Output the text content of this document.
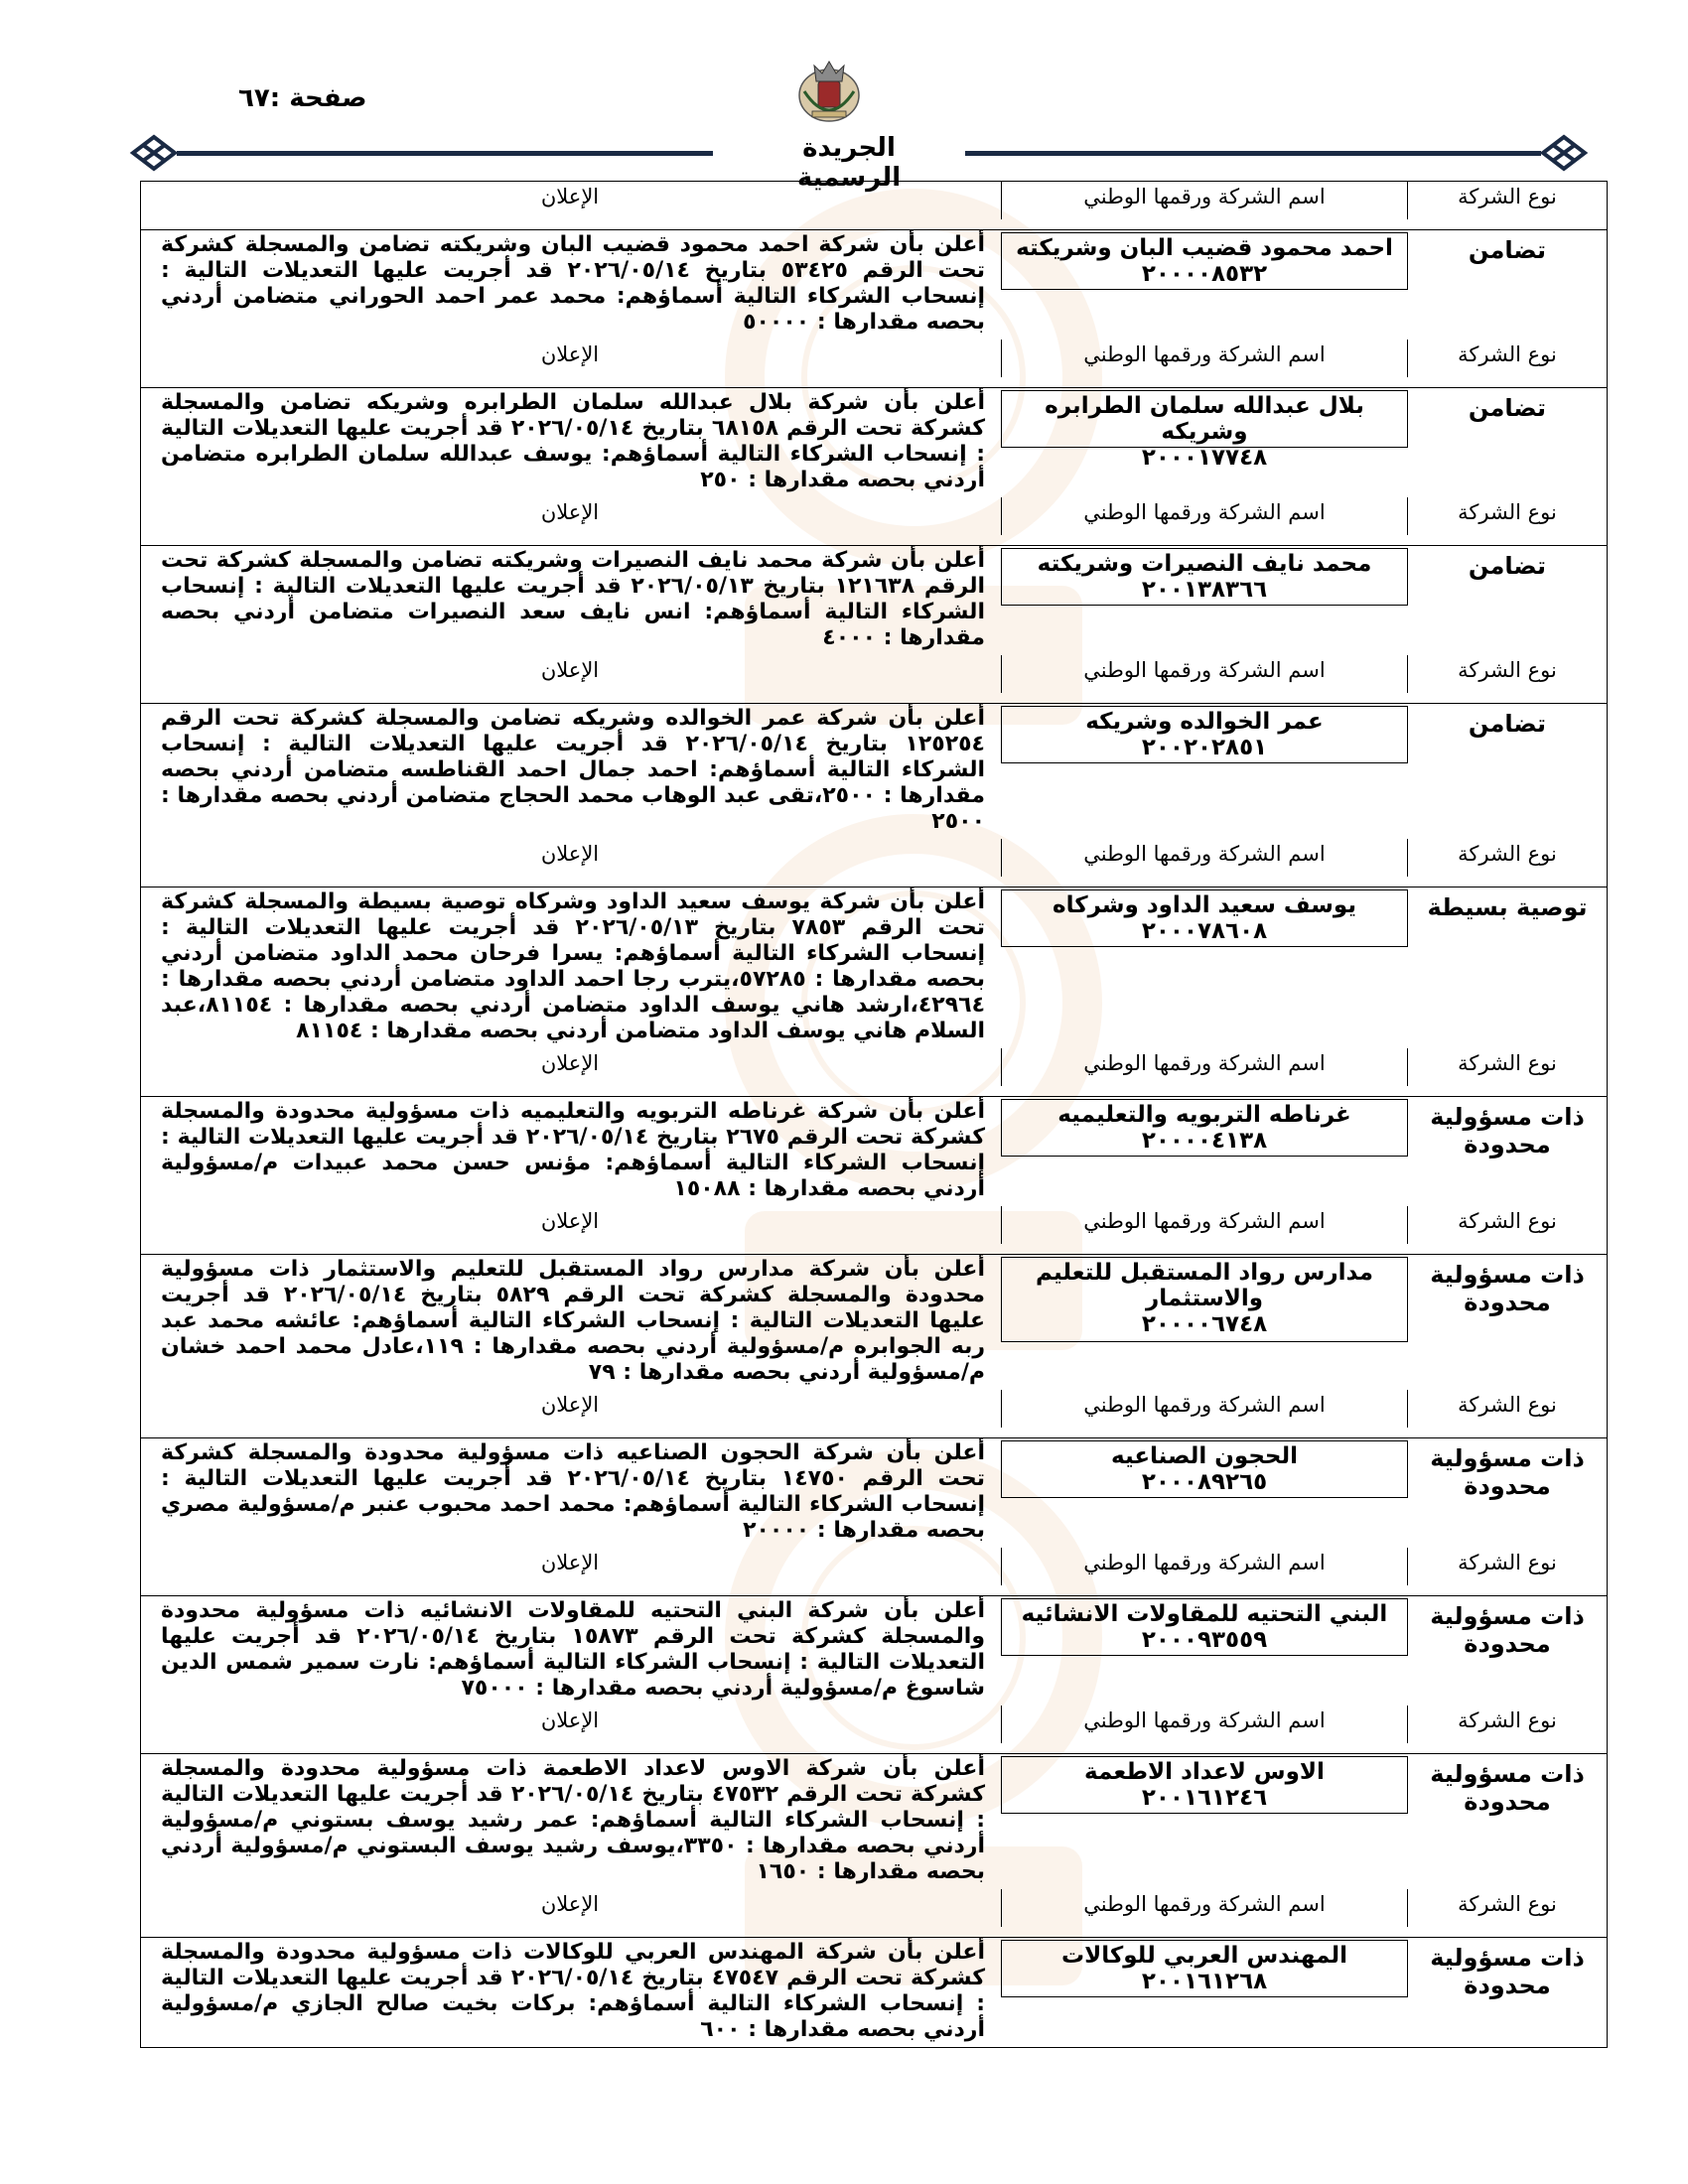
صفحة :٦٧
الجريدة الرسمية
نوع الشركة
اسم الشركة ورقمها الوطني
الإعلان
تضامن
احمد محمود قضيب البان وشريكته
٢٠٠٠٠٨٥٣٢
أعلن بأن شركة احمد محمود قضيب البان وشريكته تضامن والمسجلة كشركة تحت الرقم ٥٣٤٢٥ بتاريخ ٢٠٢٦/٠٥/١٤ قد أجريت عليها التعديلات التالية : إنسحاب الشركاء التالية أسماؤهم: محمد عمر احمد الحوراني متضامن أردني بحصه مقدارها : ٥٠٠٠٠
نوع الشركة
اسم الشركة ورقمها الوطني
الإعلان
تضامن
بلال عبدالله سلمان الطرابره وشريكه
٢٠٠٠١٧٧٤٨
أعلن بأن شركة بلال عبدالله سلمان الطرابره وشريكه تضامن والمسجلة كشركة تحت الرقم ٦٨١٥٨ بتاريخ ٢٠٢٦/٠٥/١٤ قد أجريت عليها التعديلات التالية : إنسحاب الشركاء التالية أسماؤهم: يوسف عبدالله سلمان الطرابره متضامن أردني بحصه مقدارها : ٢٥٠
نوع الشركة
اسم الشركة ورقمها الوطني
الإعلان
تضامن
محمد نايف النصيرات وشريكته
٢٠٠١٣٨٣٦٦
أعلن بأن شركة محمد نايف النصيرات وشريكته تضامن والمسجلة كشركة تحت الرقم ١٢١٦٣٨ بتاريخ ٢٠٢٦/٠٥/١٣ قد أجريت عليها التعديلات التالية : إنسحاب الشركاء التالية أسماؤهم: انس نايف سعد النصيرات متضامن أردني بحصه مقدارها : ٤٠٠٠
نوع الشركة
اسم الشركة ورقمها الوطني
الإعلان
تضامن
عمر الخوالده وشريكه
٢٠٠٢٠٢٨٥١
أعلن بأن شركة عمر الخوالده وشريكه تضامن والمسجلة كشركة تحت الرقم ١٢٥٢٥٤ بتاريخ ٢٠٢٦/٠٥/١٤ قد أجريت عليها التعديلات التالية : إنسحاب الشركاء التالية أسماؤهم: احمد جمال احمد القناطسه متضامن أردني بحصه مقدارها : ٢٥٠٠،تقى عبد الوهاب محمد الحجاج متضامن أردني بحصه مقدارها : ٢٥٠٠
نوع الشركة
اسم الشركة ورقمها الوطني
الإعلان
توصية بسيطة
يوسف سعيد الداود وشركاه
٢٠٠٠٧٨٦٠٨
أعلن بأن شركة يوسف سعيد الداود وشركاه توصية بسيطة والمسجلة كشركة تحت الرقم ٧٨٥٣ بتاريخ ٢٠٢٦/٠٥/١٣ قد أجريت عليها التعديلات التالية : إنسحاب الشركاء التالية أسماؤهم: يسرا فرحان محمد الداود متضامن أردني بحصه مقدارها : ٥٧٢٨٥،يترب رجا احمد الداود متضامن أردني بحصه مقدارها : ٤٢٩٦٤،ارشد هاني يوسف الداود متضامن أردني بحصه مقدارها : ٨١١٥٤،عبد السلام هاني يوسف الداود متضامن أردني بحصه مقدارها : ٨١١٥٤
نوع الشركة
اسم الشركة ورقمها الوطني
الإعلان
ذات مسؤولية
محدودة
غرناطه التربويه والتعليميه
٢٠٠٠٠٤١٣٨
أعلن بأن شركة غرناطه التربويه والتعليميه ذات مسؤولية محدودة والمسجلة كشركة تحت الرقم ٢٦٧٥ بتاريخ ٢٠٢٦/٠٥/١٤ قد أجريت عليها التعديلات التالية : إنسحاب الشركاء التالية أسماؤهم: مؤنس حسن محمد عبيدات م/مسؤولية أردني بحصه مقدارها : ١٥٠٨٨
نوع الشركة
اسم الشركة ورقمها الوطني
الإعلان
ذات مسؤولية
محدودة
مدارس رواد المستقبل للتعليم
والاستثمار
٢٠٠٠٠٦٧٤٨
أعلن بأن شركة مدارس رواد المستقبل للتعليم والاستثمار ذات مسؤولية محدودة والمسجلة كشركة تحت الرقم ٥٨٢٩ بتاريخ ٢٠٢٦/٠٥/١٤ قد أجريت عليها التعديلات التالية : إنسحاب الشركاء التالية أسماؤهم: عائشه محمد عبد ربه الجوابره م/مسؤولية أردني بحصه مقدارها : ١١٩،عادل محمد احمد خشان م/مسؤولية أردني بحصه مقدارها : ٧٩
نوع الشركة
اسم الشركة ورقمها الوطني
الإعلان
ذات مسؤولية
محدودة
الحجون الصناعيه
٢٠٠٠٨٩٢٦٥
أعلن بأن شركة الحجون الصناعيه ذات مسؤولية محدودة والمسجلة كشركة تحت الرقم ١٤٧٥٠ بتاريخ ٢٠٢٦/٠٥/١٤ قد أجريت عليها التعديلات التالية : إنسحاب الشركاء التالية أسماؤهم: محمد احمد محبوب عنبر م/مسؤولية مصري بحصه مقدارها : ٢٠٠٠٠
نوع الشركة
اسم الشركة ورقمها الوطني
الإعلان
ذات مسؤولية
محدودة
البني التحتيه للمقاولات الانشائيه
٢٠٠٠٩٣٥٥٩
أعلن بأن شركة البني التحتيه للمقاولات الانشائيه ذات مسؤولية محدودة والمسجلة كشركة تحت الرقم ١٥٨٧٣ بتاريخ ٢٠٢٦/٠٥/١٤ قد أجريت عليها التعديلات التالية : إنسحاب الشركاء التالية أسماؤهم: نارت سمير شمس الدين شاسوغ م/مسؤولية أردني بحصه مقدارها : ٧٥٠٠٠
نوع الشركة
اسم الشركة ورقمها الوطني
الإعلان
ذات مسؤولية
محدودة
الاوس لاعداد الاطعمة
٢٠٠١٦١٢٤٦
أعلن بأن شركة الاوس لاعداد الاطعمة ذات مسؤولية محدودة والمسجلة كشركة تحت الرقم ٤٧٥٣٢ بتاريخ ٢٠٢٦/٠٥/١٤ قد أجريت عليها التعديلات التالية : إنسحاب الشركاء التالية أسماؤهم: عمر رشيد يوسف بستوني م/مسؤولية أردني بحصه مقدارها : ٣٣٥٠،يوسف رشيد يوسف البستوني م/مسؤولية أردني بحصه مقدارها : ١٦٥٠
نوع الشركة
اسم الشركة ورقمها الوطني
الإعلان
ذات مسؤولية
محدودة
المهندس العربي للوكالات
٢٠٠١٦١٢٦٨
أعلن بأن شركة المهندس العربي للوكالات ذات مسؤولية محدودة والمسجلة كشركة تحت الرقم ٤٧٥٤٧ بتاريخ ٢٠٢٦/٠٥/١٤ قد أجريت عليها التعديلات التالية : إنسحاب الشركاء التالية أسماؤهم: بركات بخيت صالح الجازي م/مسؤولية أردني بحصه مقدارها : ٦٠٠
